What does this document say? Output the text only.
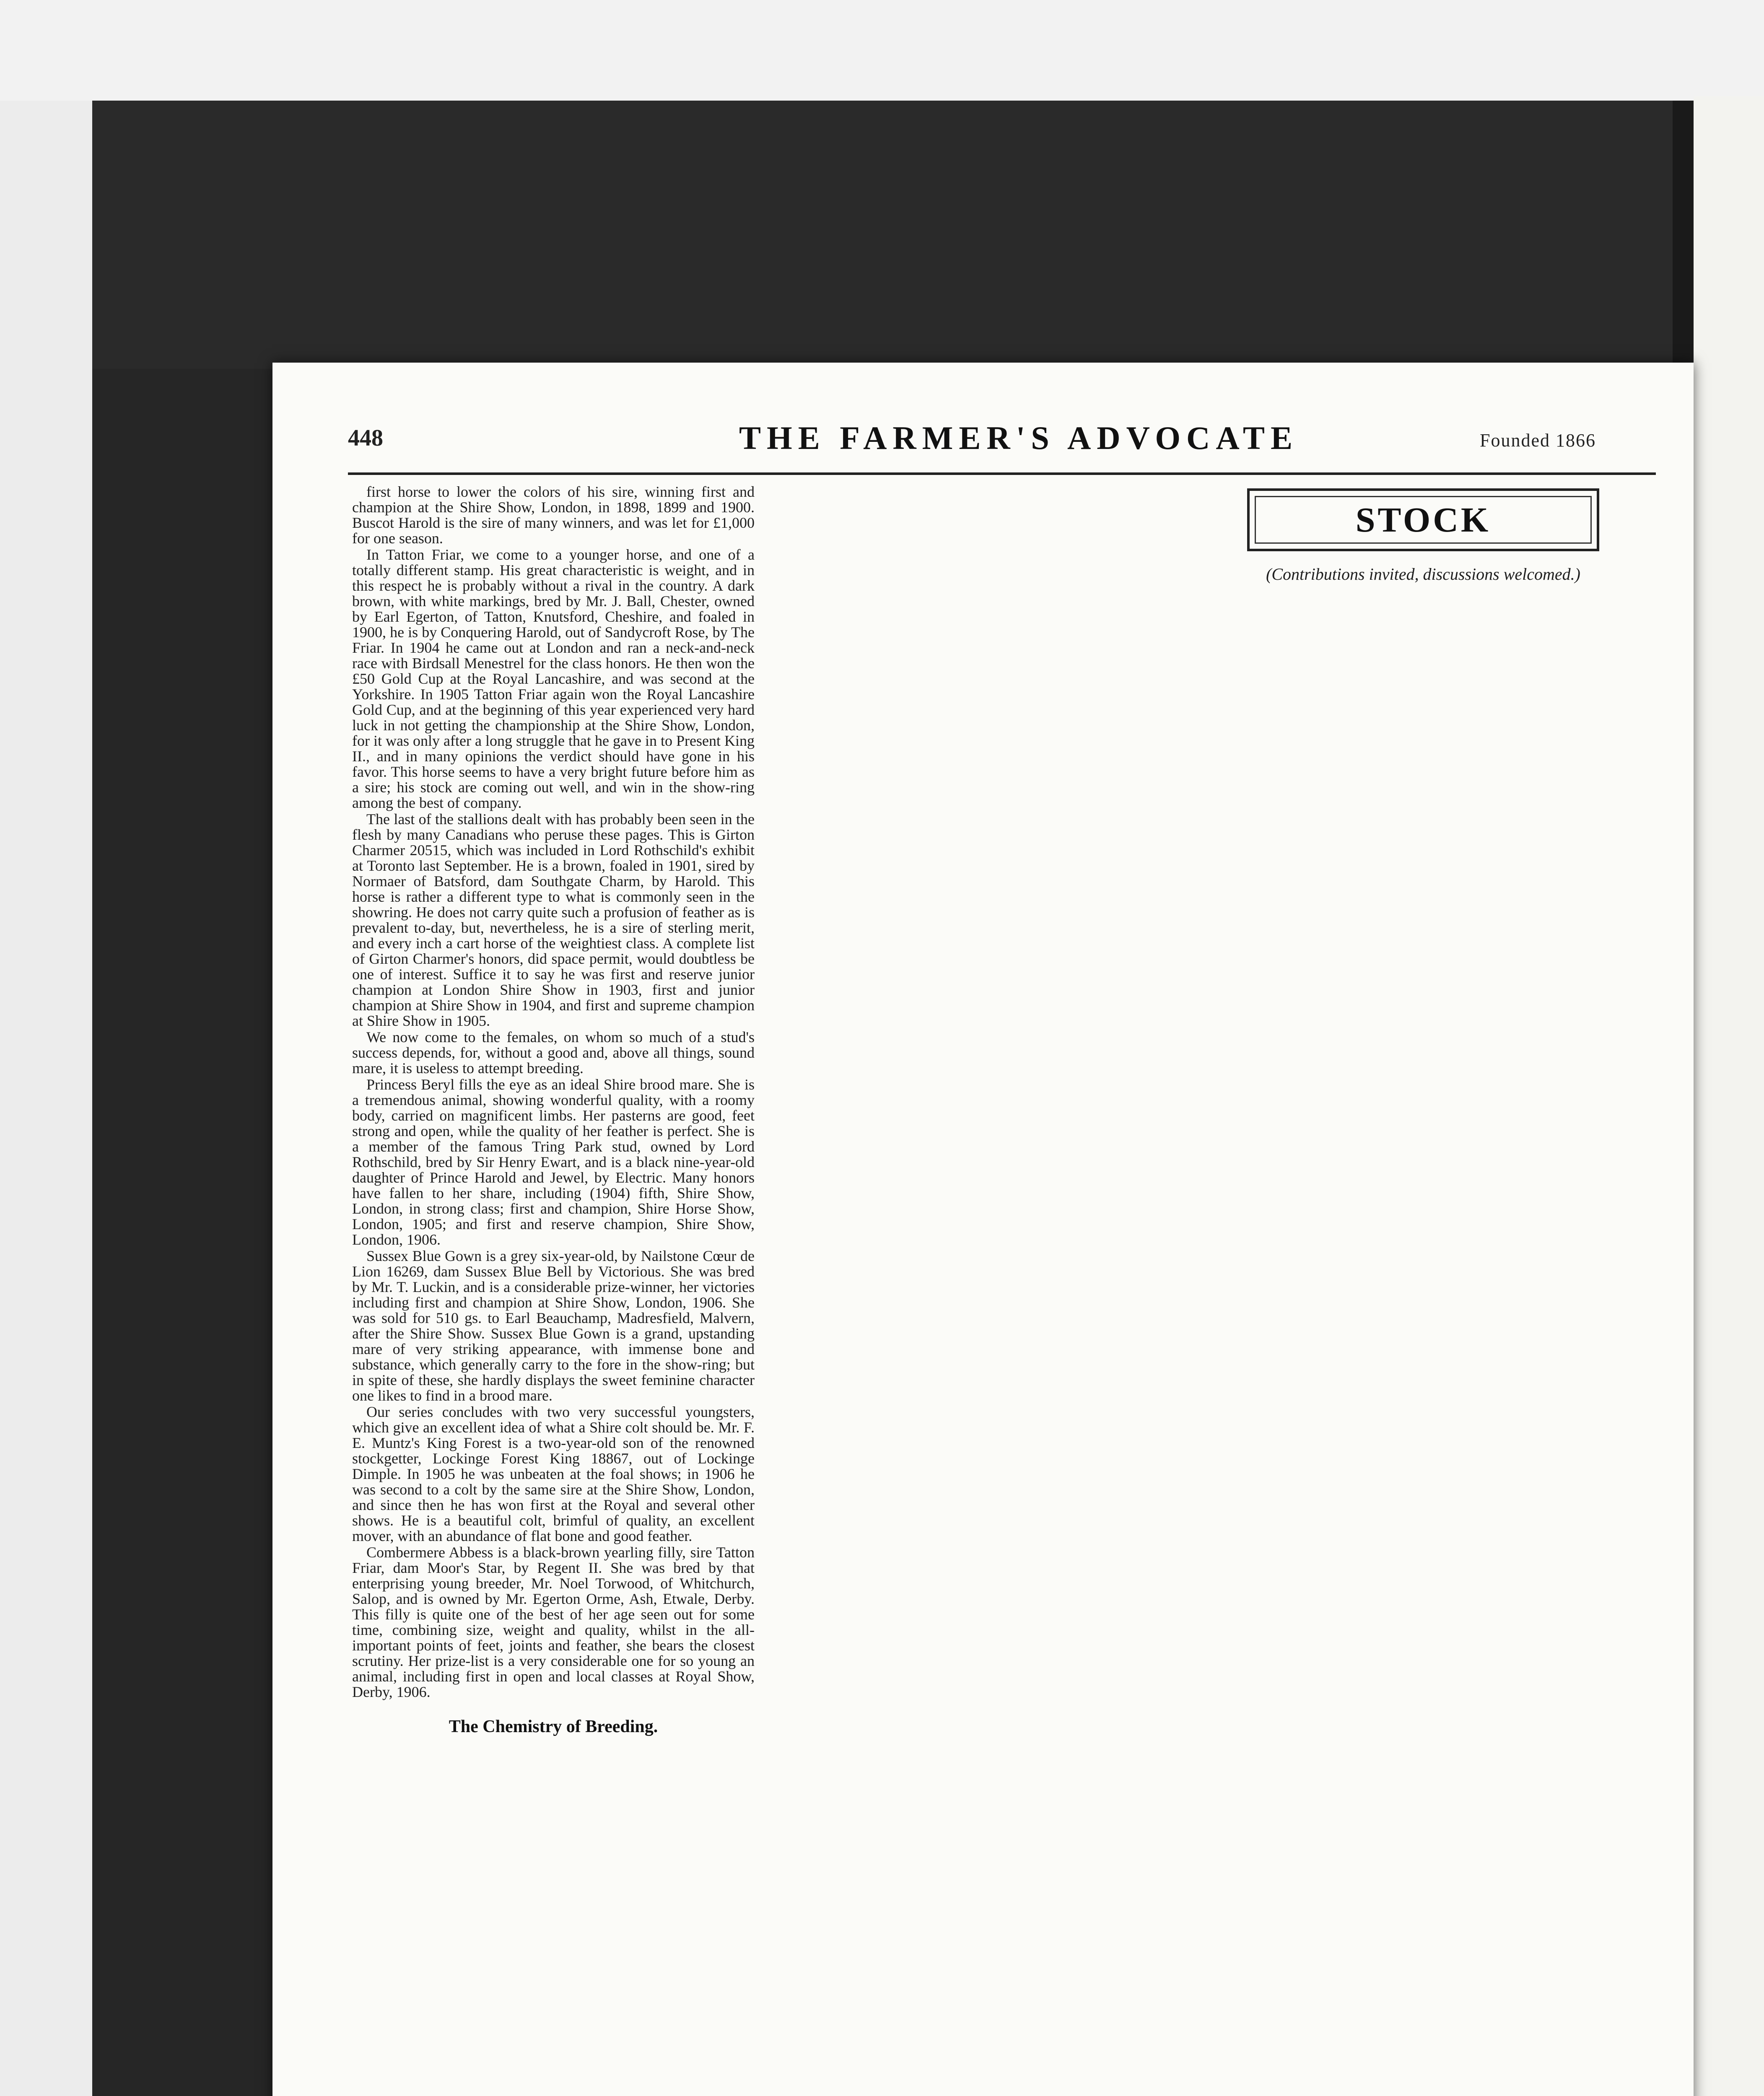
448	THE FARMER'S ADVOCATE	Founded 1866

first horse to lower the colors of his sire, winning first and champion at the Shire Show, London, in 1898, 1899 and 1900. Buscot Harold is the sire of many winners, and was let for £1,000 for one season.

In Tatton Friar, we come to a younger horse, and one of a totally different stamp. His great characteristic is weight, and in this respect he is probably without a rival in the country. A dark brown, with white markings, bred by Mr. J. Ball, Chester, owned by Earl Egerton, of Tatton, Knutsford, Cheshire, and foaled in 1900, he is by Conquering Harold, out of Sandycroft Rose, by The Friar. In 1904 he came out at London and ran a neck-and-neck race with Birdsall Menestrel for the class honors. He then won the £50 Gold Cup at the Royal Lancashire, and was second at the Yorkshire. In 1905 Tatton Friar again won the Royal Lancashire Gold Cup, and at the beginning of this year experienced very hard luck in not getting the championship at the Shire Show, London, for it was only after a long struggle that he gave in to Present King II., and in many opinions the verdict should have gone in his favor. This horse seems to have a very bright future before him as a sire; his stock are coming out well, and win in the show-ring among the best of company.

The last of the stallions dealt with has probably been seen in the flesh by many Canadians who peruse these pages. This is Girton Charmer 20515, which was included in Lord Rothschild's exhibit at Toronto last September. He is a brown, foaled in 1901, sired by Normaer of Batsford, dam Southgate Charm, by Harold. This horse is rather a different type to what is commonly seen in the showring. He does not carry quite such a profusion of feather as is prevalent to-day, but, nevertheless, he is a sire of sterling merit, and every inch a cart horse of the weightiest class. A complete list of Girton Charmer's honors, did space permit, would doubtless be one of interest. Suffice it to say he was first and reserve junior champion at London Shire Show in 1903, first and junior champion at Shire Show in 1904, and first and supreme champion at Shire Show in 1905.

We now come to the females, on whom so much of a stud's success depends, for, without a good and, above all things, sound mare, it is useless to attempt breeding.

Princess Beryl fills the eye as an ideal Shire brood mare. She is a tremendous animal, showing wonderful quality, with a roomy body, carried on magnificent limbs. Her pasterns are good, feet strong and open, while the quality of her feather is perfect. She is a member of the famous Tring Park stud, owned by Lord Rothschild, bred by Sir Henry Ewart, and is a black nine-year-old daughter of Prince Harold and Jewel, by Electric. Many honors have fallen to her share, including (1904) fifth, Shire Show, London, in strong class; first and champion, Shire Horse Show, London, 1905; and first and reserve champion, Shire Show, London, 1906.

Sussex Blue Gown is a grey six-year-old, by Nailstone Cœur de Lion 16269, dam Sussex Blue Bell by Victorious. She was bred by Mr. T. Luckin, and is a considerable prize-winner, her victories including first and champion at Shire Show, London, 1906. She was sold for 510 gs. to Earl Beauchamp, Madresfield, Malvern, after the Shire Show. Sussex Blue Gown is a grand, upstanding mare of very striking appearance, with immense bone and substance, which generally carry to the fore in the show-ring; but in spite of these, she hardly displays the sweet feminine character one likes to find in a brood mare.

Our series concludes with two very successful youngsters, which give an excellent idea of what a Shire colt should be. Mr. F. E. Muntz's King Forest is a two-year-old son of the renowned stockgetter, Lockinge Forest King 18867, out of Lockinge Dimple. In 1905 he was unbeaten at the foal shows; in 1906 he was second to a colt by the same sire at the Shire Show, London, and since then he has won first at the Royal and several other shows. He is a beautiful colt, brimful of quality, an excellent mover, with an abundance of flat bone and good feather.

Combermere Abbess is a black-brown yearling filly, sire Tatton Friar, dam Moor's Star, by Regent II. She was bred by that enterprising young breeder, Mr. Noel Torwood, of Whitchurch, Salop, and is owned by Mr. Egerton Orme, Ash, Etwale, Derby. This filly is quite one of the best of her age seen out for some time, combining size, weight and quality, whilst in the all-important points of feet, joints and feather, she bears the closest scrutiny. Her prize-list is a very considerable one for so young an animal, including first in open and local classes at Royal Show, Derby, 1906.

The Chemistry of Breeding.
STOCK
(Contributions invited, discussions welcomed.)
